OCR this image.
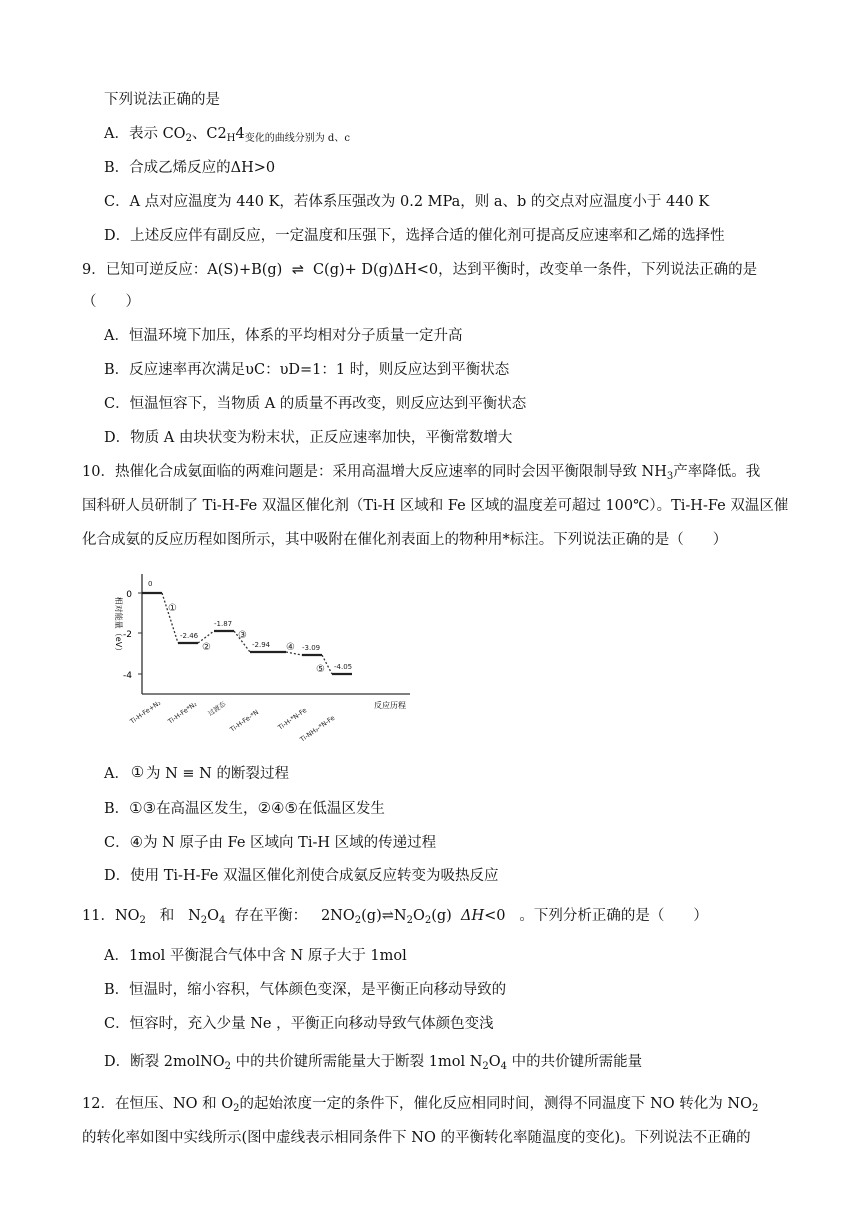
下列说法正确的是
A．表示 $CO_2$、$C2_H4_{变化的曲线分别为 d、c}$
B．合成乙烯反应的ΔH>0
C．A 点对应温度为 440 K，若体系压强改为 0.2 MPa，则 a、b 的交点对应温度小于 440 K
D．上述反应伴有副反应，一定温度和压强下，选择合适的催化剂可提高反应速率和乙烯的选择性
9．已知可逆反应：A(S)+B(g) ⇌ C(g)+ D(g)ΔH<0，达到平衡时，改变单一条件，下列说法正确的是
（　　）
A．恒温环境下加压，体系的平均相对分子质量一定升高
B．反应速率再次满足υC：υD=1：1 时，则反应达到平衡状态
C．恒温恒容下，当物质 A 的质量不再改变，则反应达到平衡状态
D．物质 A 由块状变为粉末状，正反应速率加快，平衡常数增大
10．热催化合成氨面临的两难问题是：采用高温增大反应速率的同时会因平衡限制导致 $NH_3$产率降低。我
国科研人员研制了 Ti-H-Fe 双温区催化剂（Ti-H 区域和 Fe 区域的温度差可超过 100℃）。Ti-H-Fe 双温区催
化合成氨的反应历程如图所示，其中吸附在催化剂表面上的物种用*标注。下列说法正确的是（　　）
0
-2
-4
相对能量（eV）
反应历程
0
-2.46
-1.87
-2.94	-3.09
-4.05
①
②
③
④
⑤
Ti-H-Fe+N₂ Ti-H-Fe*N₂ 过渡态 Ti-H-Fe-*N	Ti-H-*N-Fe
Ti-NH₃-*N-Fe
A． ① 为 N ≡ N 的断裂过程
B．①③在高温区发生，②④⑤在低温区发生
C．④为 N 原子由 Fe 区域向 Ti-H 区域的传递过程
D．使用 Ti-H-Fe 双温区催化剂使合成氨反应转变为吸热反应
11．$NO_2$ 和 $N_2O_4$ 存在平衡： $2NO_2(g)\rightleftharpoons N_2O_2(g)$ ΔH<0 。下列分析正确的是（　　）
A．1mol 平衡混合气体中含 N 原子大于 1mol
B．恒温时，缩小容积，气体颜色变深，是平衡正向移动导致的
C．恒容时，充入少量 Ne ，平衡正向移动导致气体颜色变浅
D．断裂 2molNO$_2$ 中的共价键所需能量大于断裂 1mol $N_2O_4$ 中的共价键所需能量
12．在恒压、NO 和 $O_2$的起始浓度一定的条件下，催化反应相同时间，测得不同温度下 NO 转化为 $NO_2$
的转化率如图中实线所示(图中虚线表示相同条件下 NO 的平衡转化率随温度的变化)。下列说法不正确的
